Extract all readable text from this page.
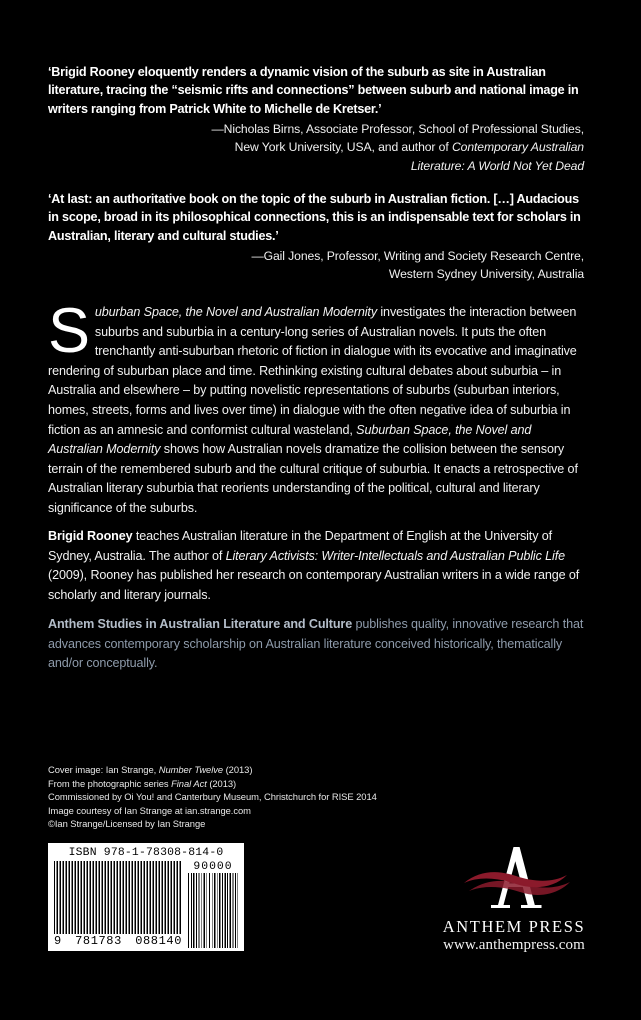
‘Brigid Rooney eloquently renders a dynamic vision of the suburb as site in Australian literature, tracing the “seismic rifts and connections” between suburb and national image in writers ranging from Patrick White to Michelle de Kretser.’
—Nicholas Birns, Associate Professor, School of Professional Studies,
New York University, USA, and author of Contemporary Australian
Literature: A World Not Yet Dead
‘At last: an authoritative book on the topic of the suburb in Australian fiction. […] Audacious in scope, broad in its philosophical connections, this is an indispensable text for scholars in Australian, literary and cultural studies.’
—Gail Jones, Professor, Writing and Society Research Centre,
Western Sydney University, Australia
Suburban Space, the Novel and Australian Modernity investigates the interaction between suburbs and suburbia in a century-long series of Australian novels. It puts the often trenchantly anti-suburban rhetoric of fiction in dialogue with its evocative and imaginative rendering of suburban place and time. Rethinking existing cultural debates about suburbia – in Australia and elsewhere – by putting novelistic representations of suburbs (suburban interiors, homes, streets, forms and lives over time) in dialogue with the often negative idea of suburbia in fiction as an amnesic and conformist cultural wasteland, Suburban Space, the Novel and Australian Modernity shows how Australian novels dramatize the collision between the sensory terrain of the remembered suburb and the cultural critique of suburbia. It enacts a retrospective of Australian literary suburbia that reorients understanding of the political, cultural and literary significance of the suburbs.
Brigid Rooney teaches Australian literature in the Department of English at the University of Sydney, Australia. The author of Literary Activists: Writer-Intellectuals and Australian Public Life (2009), Rooney has published her research on contemporary Australian writers in a wide range of scholarly and literary journals.
Anthem Studies in Australian Literature and Culture publishes quality, innovative research that advances contemporary scholarship on Australian literature conceived historically, thematically and/or conceptually.
Cover image: Ian Strange, Number Twelve (2013)
From the photographic series Final Act (2013)
Commissioned by Oi You! and Canterbury Museum, Christchurch for RISE 2014
Image courtesy of Ian Strange at ian.strange.com
©Ian Strange/Licensed by Ian Strange
ISBN 978-1-78308-814-0
9 781783 088140
90000
ANTHEM PRESS
www.anthempress.com
